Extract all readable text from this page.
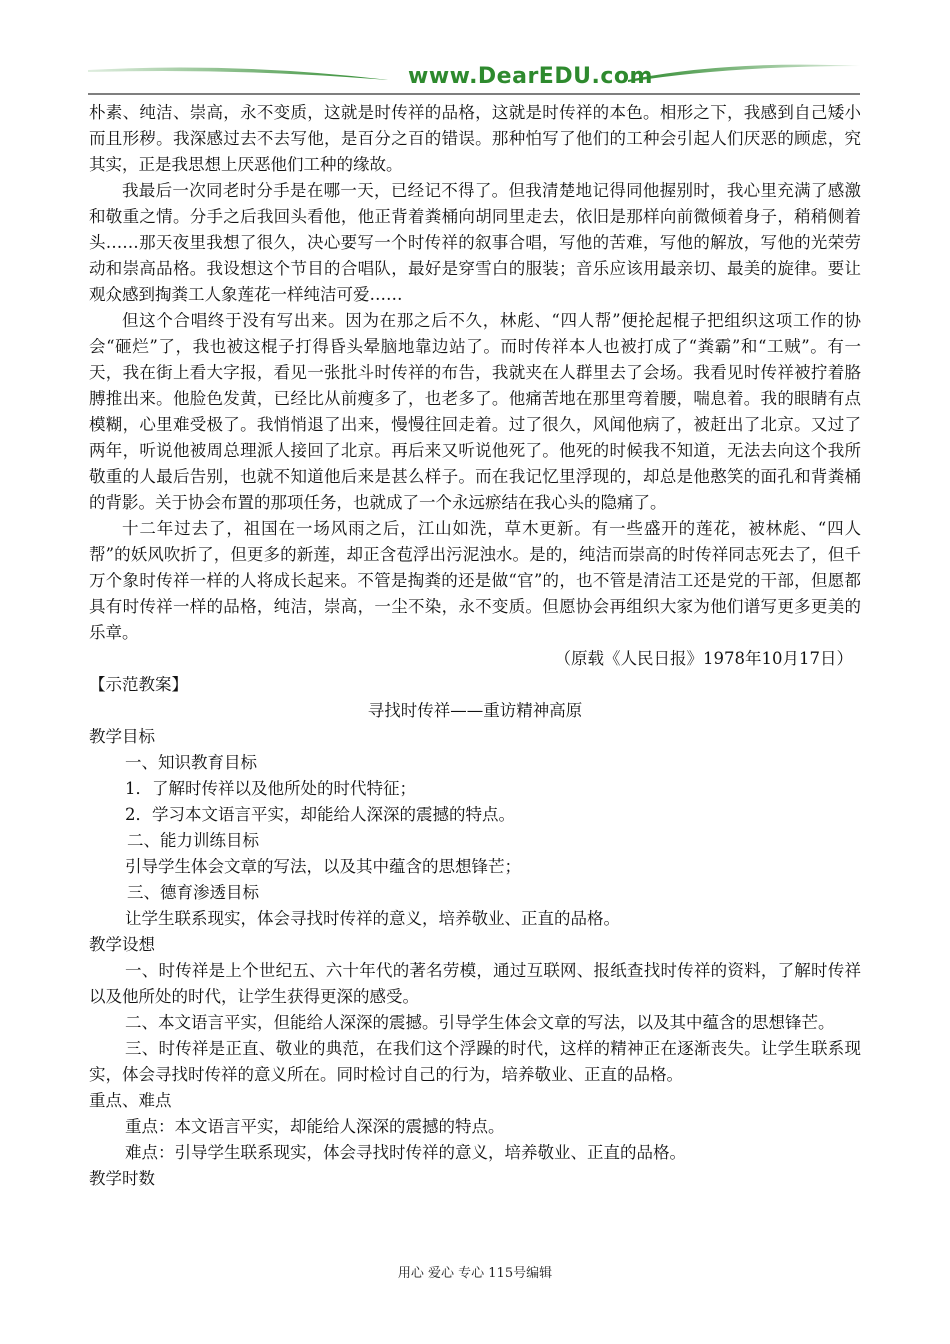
www.DearEDU.com

朴素、纯洁、崇高，永不变质，这就是时传祥的品格，这就是时传祥的本色。相形之下，我感到自己矮小而且形秽。我深感过去不去写他，是百分之百的错误。那种怕写了他们的工种会引起人们厌恶的顾虑，究其实，正是我思想上厌恶他们工种的缘故。

我最后一次同老时分手是在哪一天，已经记不得了。但我清楚地记得同他握别时，我心里充满了感激和敬重之情。分手之后我回头看他，他正背着粪桶向胡同里走去，依旧是那样向前微倾着身子，稍稍侧着头……那天夜里我想了很久，决心要写一个时传祥的叙事合唱，写他的苦难，写他的解放，写他的光荣劳动和崇高品格。我设想这个节目的合唱队，最好是穿雪白的服装；音乐应该用最亲切、最美的旋律。要让观众感到掏粪工人象莲花一样纯洁可爱……

但这个合唱终于没有写出来。因为在那之后不久，林彪、“四人帮”便抡起棍子把组织这项工作的协会“砸烂”了，我也被这棍子打得昏头晕脑地靠边站了。而时传祥本人也被打成了“粪霸”和“工贼”。有一天，我在街上看大字报，看见一张批斗时传祥的布告，我就夹在人群里去了会场。我看见时传祥被拧着胳膊推出来。他脸色发黄，已经比从前瘦多了，也老多了。他痛苦地在那里弯着腰，喘息着。我的眼睛有点模糊，心里难受极了。我悄悄退了出来，慢慢往回走着。过了很久，风闻他病了，被赶出了北京。又过了两年，听说他被周总理派人接回了北京。再后来又听说他死了。他死的时候我不知道，无法去向这个我所敬重的人最后告别，也就不知道他后来是甚么样子。而在我记忆里浮现的，却总是他憨笑的面孔和背粪桶的背影。关于协会布置的那项任务，也就成了一个永远瘀结在我心头的隐痛了。

十二年过去了，祖国在一场风雨之后，江山如洗，草木更新。有一些盛开的莲花，被林彪、“四人帮”的妖风吹折了，但更多的新莲，却正含苞浮出污泥浊水。是的，纯洁而崇高的时传祥同志死去了，但千万个象时传祥一样的人将成长起来。不管是掏粪的还是做“官”的，也不管是清洁工还是党的干部，但愿都具有时传祥一样的品格，纯洁，崇高，一尘不染，永不变质。但愿协会再组织大家为他们谱写更多更美的乐章。

（原载《人民日报》1978年10月17日）

【示范教案】

寻找时传祥——重访精神高原

教学目标

一、知识教育目标

1．了解时传祥以及他所处的时代特征；

2．学习本文语言平实，却能给人深深的震撼的特点。

二、能力训练目标

引导学生体会文章的写法，以及其中蕴含的思想锋芒；

三、德育渗透目标

让学生联系现实，体会寻找时传祥的意义，培养敬业、正直的品格。

教学设想

一、时传祥是上个世纪五、六十年代的著名劳模，通过互联网、报纸查找时传祥的资料，了解时传祥以及他所处的时代，让学生获得更深的感受。

二、本文语言平实，但能给人深深的震撼。引导学生体会文章的写法，以及其中蕴含的思想锋芒。

三、时传祥是正直、敬业的典范，在我们这个浮躁的时代，这样的精神正在逐渐丧失。让学生联系现实，体会寻找时传祥的意义所在。同时检讨自己的行为，培养敬业、正直的品格。

重点、难点

重点：本文语言平实，却能给人深深的震撼的特点。

难点：引导学生联系现实，体会寻找时传祥的意义，培养敬业、正直的品格。

教学时数

用心 爱心 专心 115号编辑
